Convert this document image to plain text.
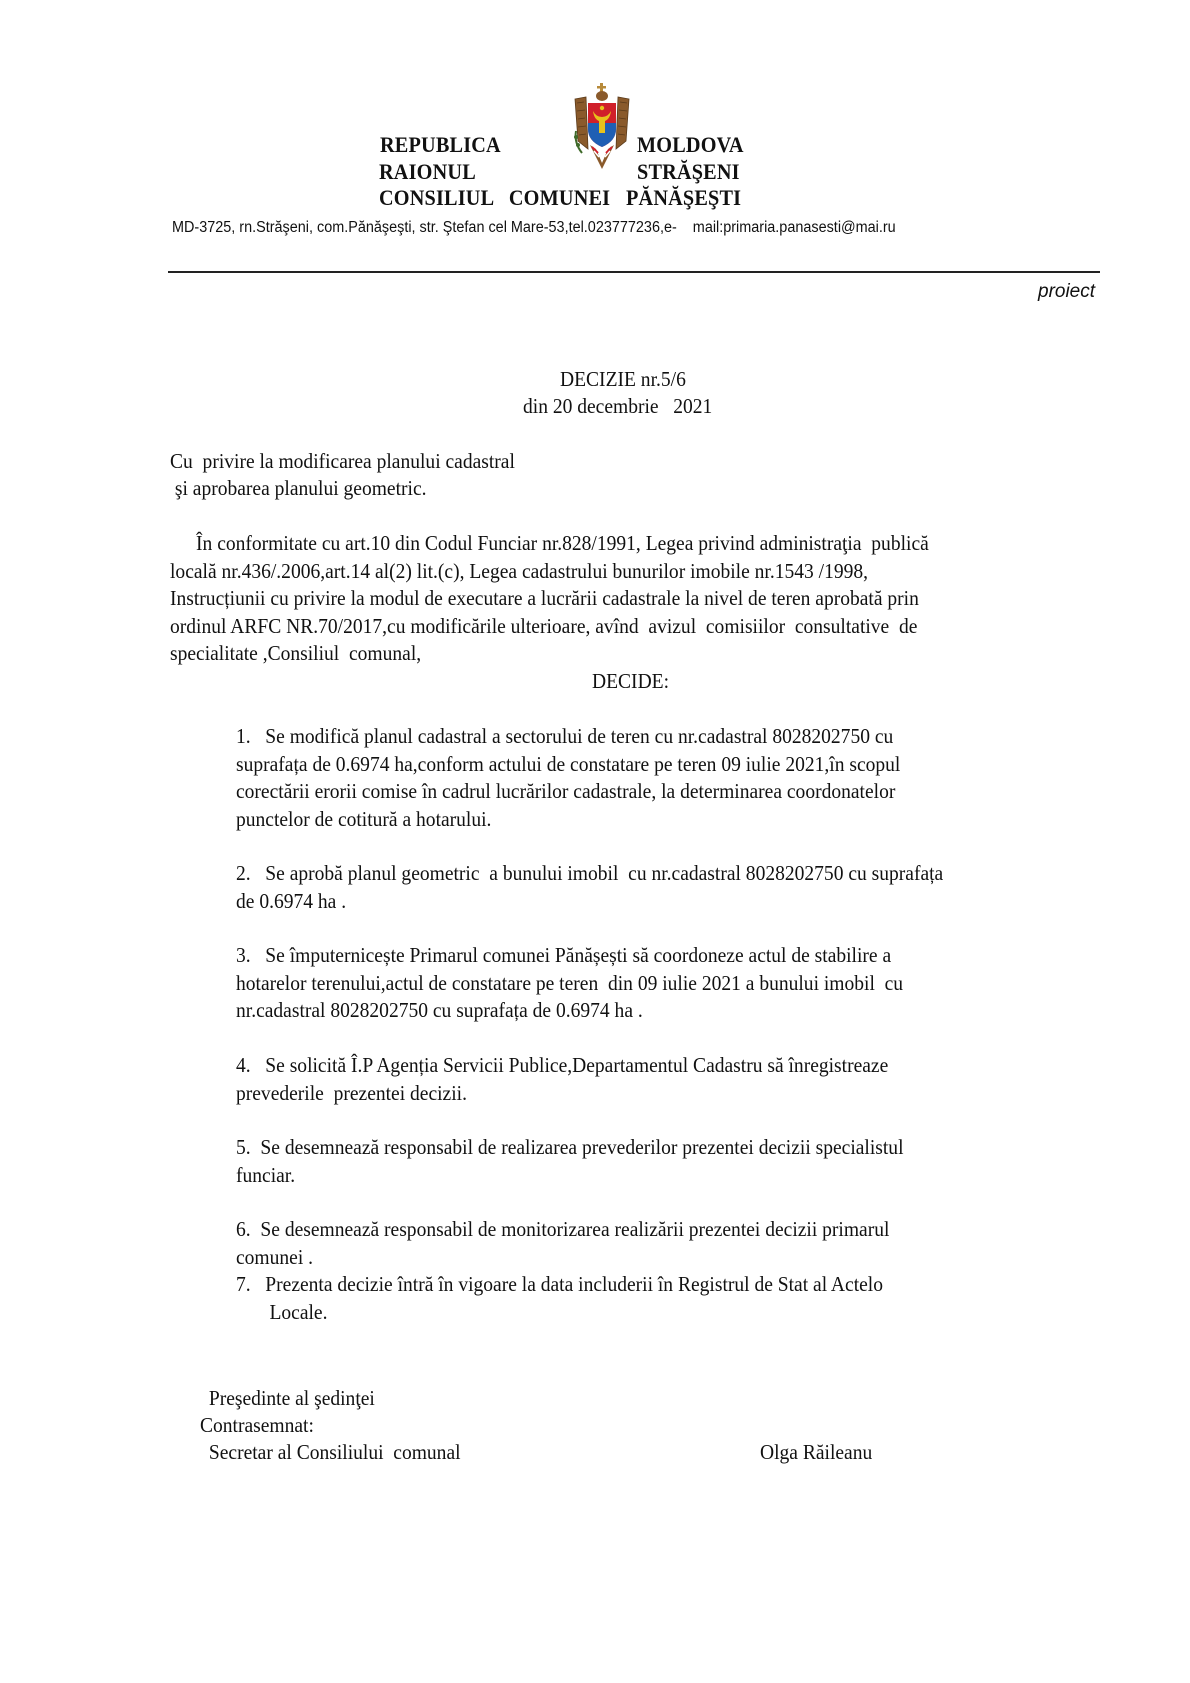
REPUBLICA	MOLDOVA
RAIONUL	STRĂŞENI
CONSILIUL   COMUNEI   PĂNĂŞEŞTI
MD-3725, rn.Străşeni, com.Pănăşeşti, str. Ştefan cel Mare-53,tel.023777236,e-    mail:primaria.panasesti@mai.ru
proiect
DECIZIE nr.5/6
din 20 decembrie   2021
Cu  privire la modificarea planului cadastral
şi aprobarea planului geometric.
În conformitate cu art.10 din Codul Funciar nr.828/1991, Legea privind administraţia  publică
locală nr.436/.2006,art.14 al(2) lit.(c), Legea cadastrului bunurilor imobile nr.1543 /1998,
Instrucțiunii cu privire la modul de executare a lucrării cadastrale la nivel de teren aprobată prin
ordinul ARFC NR.70/2017,cu modificările ulterioare, avînd  avizul  comisiilor  consultative  de
specialitate ,Consiliul  comunal,
DECIDE:
1. Se modifică planul cadastral a sectorului de teren cu nr.cadastral 8028202750 cu
suprafața de 0.6974 ha,conform actului de constatare pe teren 09 iulie 2021,în scopul
corectării erorii comise în cadrul lucrărilor cadastrale, la determinarea coordonatelor
punctelor de cotitură a hotarului.
2. Se aprobă planul geometric  a bunului imobil  cu nr.cadastral 8028202750 cu suprafața
de 0.6974 ha .
3. Se împuternicește Primarul comunei Pănășești să coordoneze actul de stabilire a
hotarelor terenului,actul de constatare pe teren  din 09 iulie 2021 a bunului imobil  cu
nr.cadastral 8028202750 cu suprafața de 0.6974 ha .
4. Se solicită Î.P Agenția Servicii Publice,Departamentul Cadastru să înregistreaze
prevederile  prezentei decizii.
5. Se desemnează responsabil de realizarea prevederilor prezentei decizii specialistul
funciar.
6. Se desemnează responsabil de monitorizarea realizării prezentei decizii primarul
comunei .
7. Prezenta decizie întră în vigoare la data includerii în Registrul de Stat al Actelo
Locale.
Preşedinte al şedinţei
Contrasemnat:
Secretar al Consiliului  comunal	Olga Răileanu
